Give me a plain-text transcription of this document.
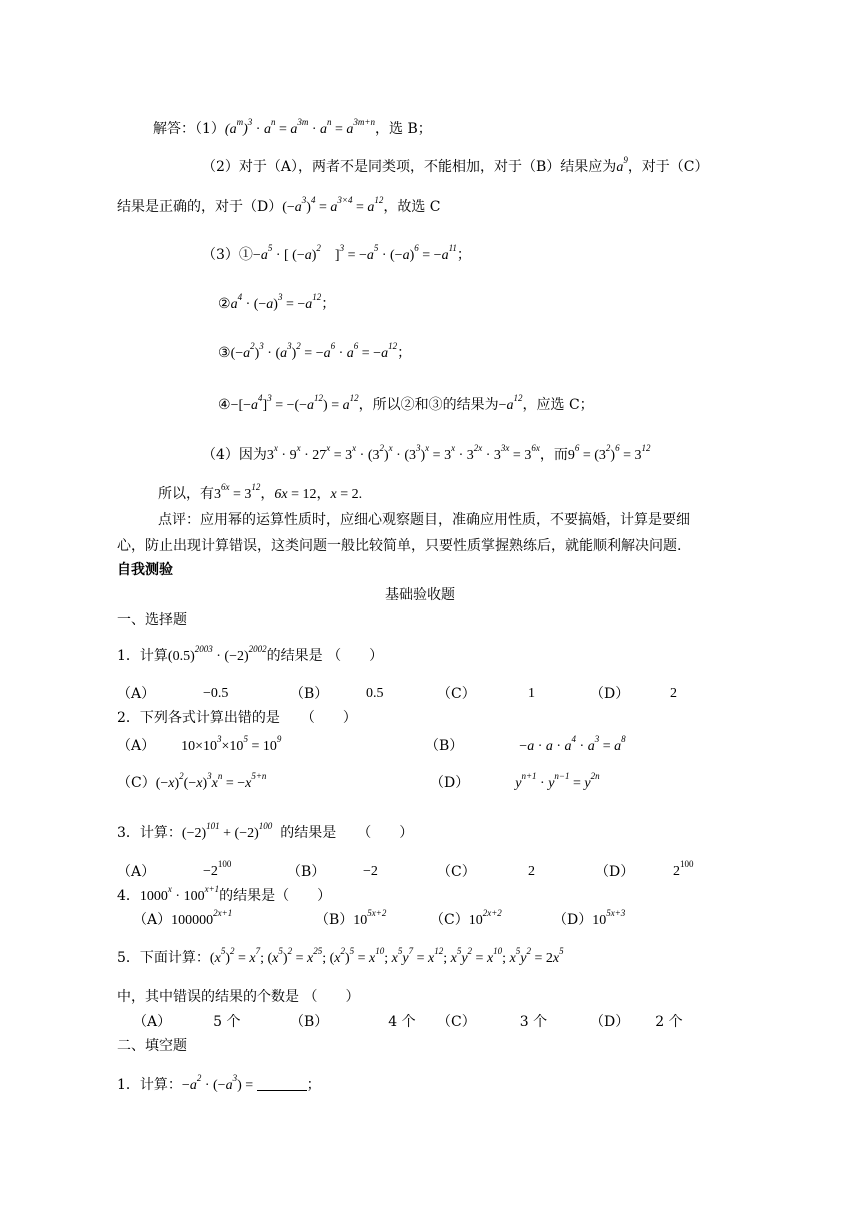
解答：$(1)(a^m)^3 \cdot a^n = a^{3m} \cdot a^n = a^{3m+n}$，选 B；
（2）对于（A），两者不是同类项，不能相加，对于（B）结果应为$a^9$，对于（C）
结果是正确的，对于$(D)(-a^3)^4 = a^{3\times 4} = a^{12}$，故选 C
$(3)①-a^5$ · [ $(-a)^2$　]$^3 = -a^5 \cdot (-a)^6 = -a^{11}$；
$②a^4 \cdot (-a)^3 = -a^{12}$；
$③(-a^2)^3 \cdot (a^3)^2 = -a^6 \cdot a^6 = -a^{12}$；
$④-[-a^4]^3 = -(-a^{12}) = a^{12}$，所以②和③的结果为$-a^{12}$，应选 C；
（4）因为$3^x \cdot 9^x \cdot 27^x = 3^x \cdot (3^2)^x \cdot (3^3)^x = 3^x \cdot 3^{2x} \cdot 3^{3x} = 3^{6x}$，而$9^6 = (3^2)^6 = 3^{12}$
所以，有$3^{6x} = 3^{12}$，6x = 12，x = 2.
点评：应用幂的运算性质时，应细心观察题目，准确应用性质，不要搞婚，计算是要细
心，防止出现计算错误，这类问题一般比较简单，只要性质掌握熟练后，就能顺利解决问题.
自我测验
基础验收题
一、选择题
1．计算$(0.5)^{2003} \cdot (-2)^{2002}$的结果是 （　　）
（A）	−0.5	（B）	0.5	（C）	1	（D）	2
2．下列各式计算出错的是　　（　　）
（A） $10\times 10^3\times 10^5 = 10^9$	（B）	$-a \cdot a \cdot a^4 \cdot a^3 = a^8$
$(C)(-x)^2(-x)^3x^n = -x^{5+n}$	（D）	$y^{n+1} \cdot y^{n-1} = y^{2n}$
3．计算：$(-2)^{101} + (-2)^{100}$ 的结果是　　（　　）
（A）	$-2^{100}$	（B）	−2	（C）	2	（D）	$2^{100}$
4．$1000^x \cdot 100^{x+1}$的结果是（　　）
$(A)100000^{2x+1}$	$(B)10^{5x+2}$	$(C)10^{2x+2}$	$(D)10^{5x+3}$
5．下面计算：$(x^5)^2 = x^7$; $(x^5)^2 = x^{25}$; $(x^2)^5 = x^{10}$; $x^5y^7 = x^{12}$; $x^5y^2 = x^{10}$; $x^5y^2 = 2x^5$
中，其中错误的结果的个数是 （　　）
（A）	5 个	（B）	4 个 （C）	3 个	（D） 2 个
二、填空题
1．计算：$-a^2 \cdot (-a^3)$ =	；
